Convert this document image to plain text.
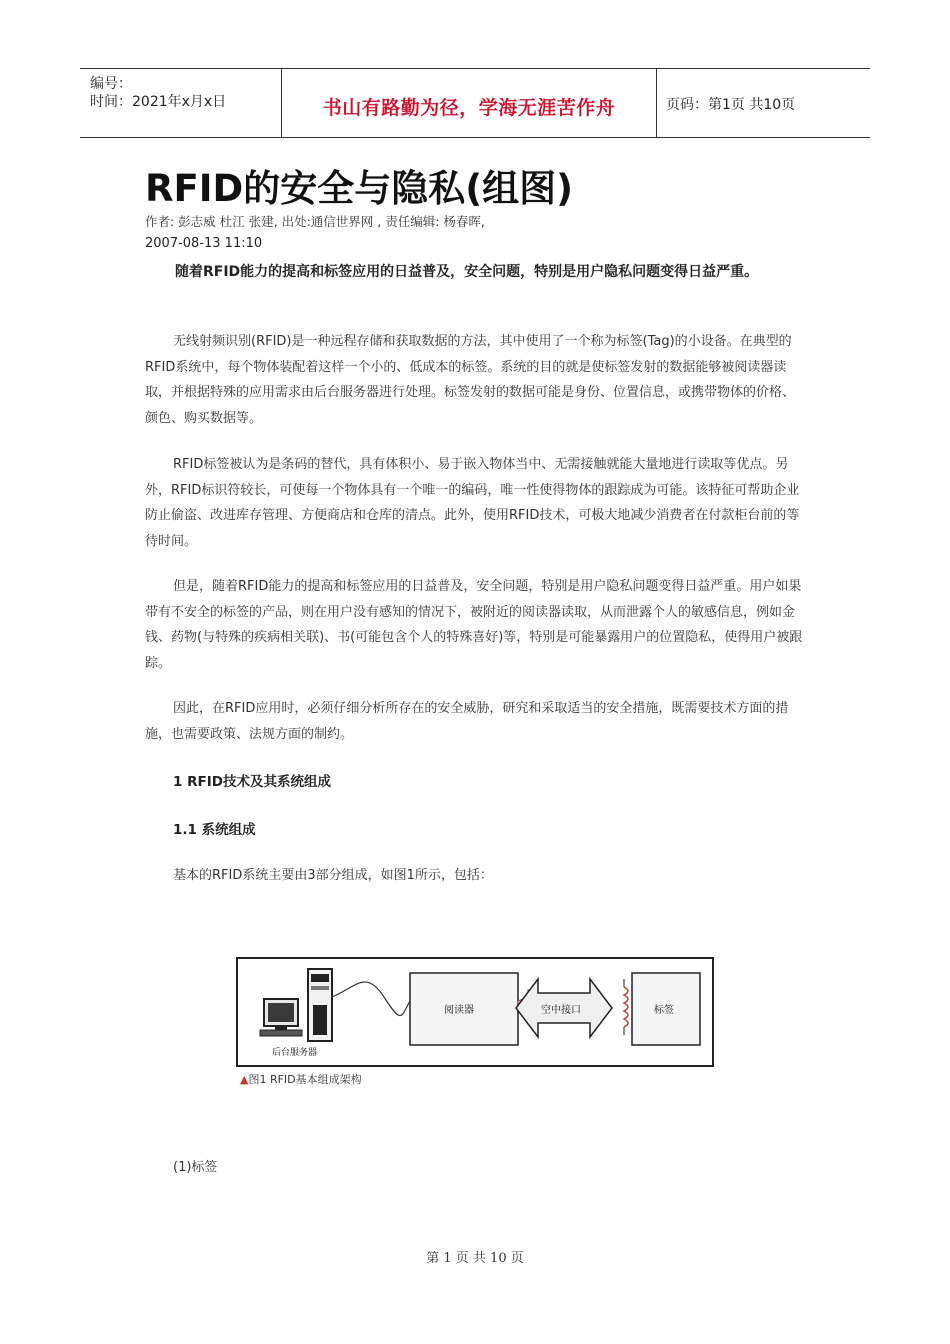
编号：
时间：2021年x月x日	书山有路勤为径，学海无涯苦作舟	页码：第1页 共10页
RFID的安全与隐私(组图)
作者: 彭志威 杜江 张建, 出处:通信世界网 , 责任编辑: 杨春晖,
2007-08-13 11:10

随着RFID能力的提高和标签应用的日益普及，安全问题，特别是用户隐私问题变得日益严重。

无线射频识别(RFID)是一种远程存储和获取数据的方法，其中使用了一个称为标签(Tag)的小设备。在典型的RFID系统中，每个物体装配着这样一个小的、低成本的标签。系统的目的就是使标签发射的数据能够被阅读器读取，并根据特殊的应用需求由后台服务器进行处理。标签发射的数据可能是身份、位置信息，或携带物体的价格、颜色、购买数据等。

RFID标签被认为是条码的替代，具有体积小、易于嵌入物体当中、无需接触就能大量地进行读取等优点。另外，RFID标识符较长，可使每一个物体具有一个唯一的编码，唯一性使得物体的跟踪成为可能。该特征可帮助企业防止偷盗、改进库存管理、方便商店和仓库的清点。此外，使用RFID技术，可极大地减少消费者在付款柜台前的等待时间。

但是，随着RFID能力的提高和标签应用的日益普及，安全问题，特别是用户隐私问题变得日益严重。用户如果带有不安全的标签的产品，则在用户没有感知的情况下，被附近的阅读器读取，从而泄露个人的敏感信息，例如金钱、药物(与特殊的疾病相关联)、书(可能包含个人的特殊喜好)等，特别是可能暴露用户的位置隐私，使得用户被跟踪。

因此，在RFID应用时，必须仔细分析所存在的安全威胁，研究和采取适当的安全措施，既需要技术方面的措施，也需要政策、法规方面的制约。

1 RFID技术及其系统组成
1.1 系统组成
基本的RFID系统主要由3部分组成，如图1所示，包括：
后台服务器
阅读器	空中接口	标签
▲图1 RFID基本组成架构
(1)标签
第 1 页 共 10 页
